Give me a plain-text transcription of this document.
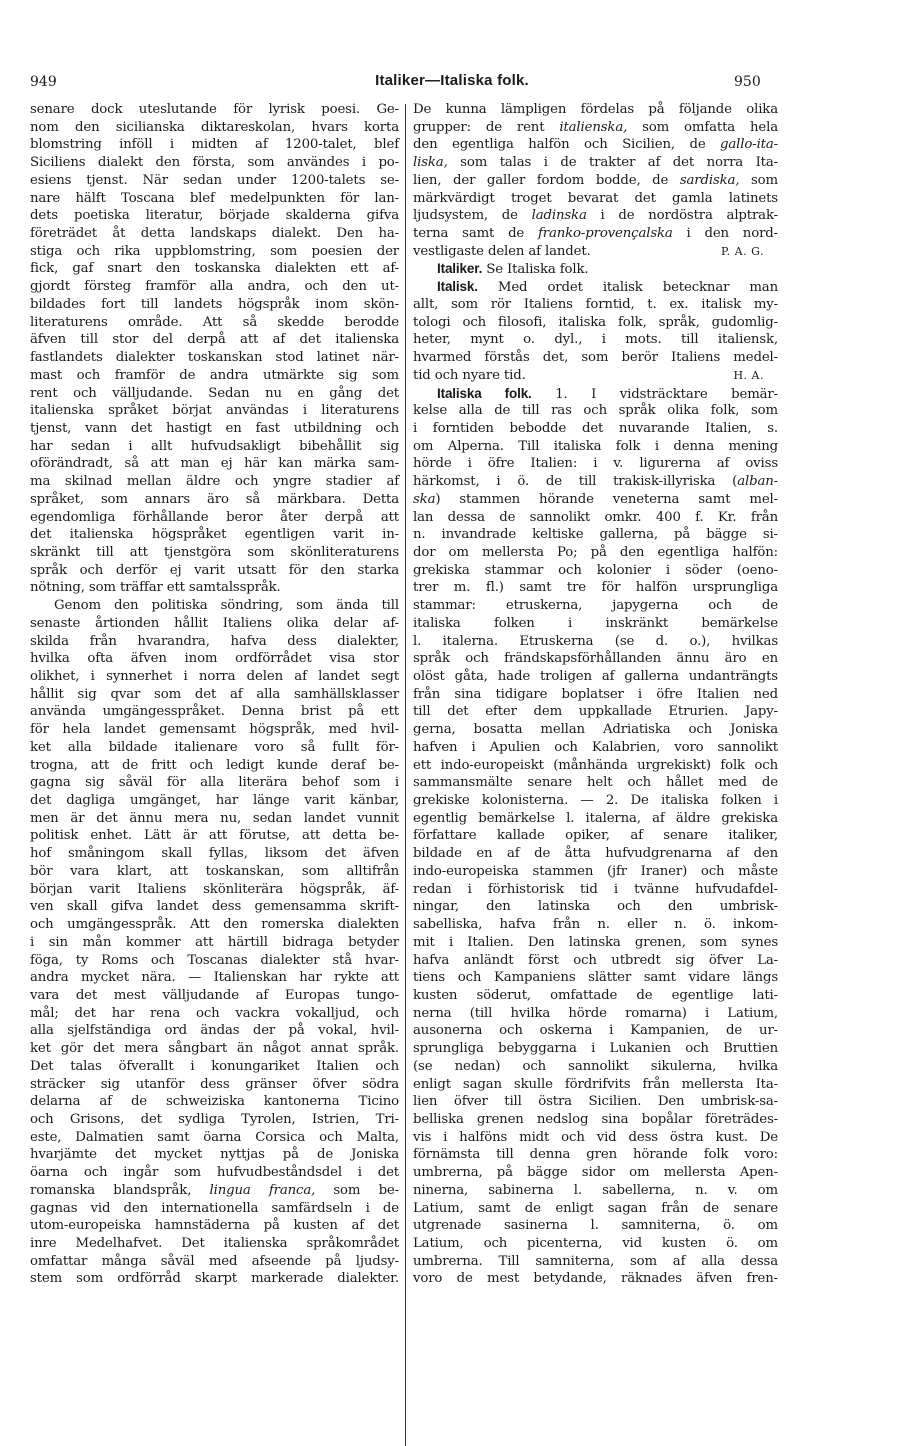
949	Italiker—Italiska folk.	950
senare dock uteslutande för lyrisk poesi. Ge-
nom den sicilianska diktareskolan, hvars korta
blomstring inföll i midten af 1200-talet, blef
Siciliens dialekt den första, som användes i po-
esiens tjenst. När sedan under 1200-talets se-
nare hälft Toscana blef medelpunkten för lan-
dets poetiska literatur, började skalderna gifva
företrädet åt detta landskaps dialekt. Den ha-
stiga och rika uppblomstring, som poesien der
fick, gaf snart den toskanska dialekten ett af-
gjordt försteg framför alla andra, och den ut-
bildades fort till landets högspråk inom skön-
literaturens område. Att så skedde berodde
äfven till stor del derpå att af det italienska
fastlandets dialekter toskanskan stod latinet när-
mast och framför de andra utmärkte sig som
rent och välljudande. Sedan nu en gång det
italienska språket börjat användas i literaturens
tjenst, vann det hastigt en fast utbildning och
har sedan i allt hufvudsakligt bibehållit sig
oförändradt, så att man ej här kan märka sam-
ma skilnad mellan äldre och yngre stadier af
språket, som annars äro så märkbara. Detta
egendomliga förhållande beror åter derpå att
det italienska högspråket egentligen varit in-
skränkt till att tjenstgöra som skönliteraturens
språk och derför ej varit utsatt för den starka
nötning, som träffar ett samtalsspråk.
Genom den politiska söndring, som ända till
senaste årtionden hållit Italiens olika delar af-
skilda från hvarandra, hafva dess dialekter,
hvilka ofta äfven inom ordförrådet visa stor
olikhet, i synnerhet i norra delen af landet segt
hållit sig qvar som det af alla samhällsklasser
använda umgängesspråket. Denna brist på ett
för hela landet gemensamt högspråk, med hvil-
ket alla bildade italienare voro så fullt för-
trogna, att de fritt och ledigt kunde deraf be-
gagna sig såväl för alla literära behof som i
det dagliga umgänget, har länge varit känbar,
men är det ännu mera nu, sedan landet vunnit
politisk enhet. Lätt är att förutse, att detta be-
hof småningom skall fyllas, liksom det äfven
bör vara klart, att toskanskan, som alltifrån
början varit Italiens skönliterära högspråk, äf-
ven skall gifva landet dess gemensamma skrift-
och umgängesspråk. Att den romerska dialekten
i sin mån kommer att härtill bidraga betyder
föga, ty Roms och Toscanas dialekter stå hvar-
andra mycket nära. — Italienskan har rykte att
vara det mest välljudande af Europas tungo-
mål; det har rena och vackra vokalljud, och
alla sjelfständiga ord ändas der på vokal, hvil-
ket gör det mera sångbart än något annat språk.
Det talas öfverallt i konungariket Italien och
sträcker sig utanför dess gränser öfver södra
delarna af de schweiziska kantonerna Ticino
och Grisons, det sydliga Tyrolen, Istrien, Tri-
este, Dalmatien samt öarna Corsica och Malta,
hvarjämte det mycket nyttjas på de Joniska
öarna och ingår som hufvudbeståndsdel i det
romanska blandspråk, lingua franca, som be-
gagnas vid den internationella samfärdseln i de
utom-europeiska hamnstäderna på kusten af det
inre Medelhafvet. Det italienska språkområdet
omfattar många såväl med afseende på ljudsy-
stem som ordförråd skarpt markerade dialekter.
De kunna lämpligen fördelas på följande olika
grupper: de rent italienska, som omfatta hela
den egentliga halfön och Sicilien, de gallo-ita-
liska, som talas i de trakter af det norra Ita-
lien, der galler fordom bodde, de sardiska, som
märkvärdigt troget bevarat det gamla latinets
ljudsystem, de ladinska i de nordöstra alptrak-
terna samt de franko-provençalska i den nord-
vestligaste delen af landet.	P. A. G.
Italiker. Se Italiska folk.
Italisk. Med ordet italisk betecknar man
allt, som rör Italiens forntid, t. ex. italisk my-
tologi och filosofi, italiska folk, språk, gudomlig-
heter, mynt o. dyl., i mots. till italiensk,
hvarmed förstås det, som berör Italiens medel-
tid och nyare tid.	H. A.
Italiska folk. 1. I vidsträcktare bemär-
kelse alla de till ras och språk olika folk, som
i forntiden bebodde det nuvarande Italien, s.
om Alperna. Till italiska folk i denna mening
hörde i öfre Italien: i v. ligurerna af oviss
härkomst, i ö. de till trakisk-illyriska (alban-
ska) stammen hörande veneterna samt mel-
lan dessa de sannolikt omkr. 400 f. Kr. från
n. invandrade keltiske gallerna, på bägge si-
dor om mellersta Po; på den egentliga halfön:
grekiska stammar och kolonier i söder (oeno-
trer m. fl.) samt tre för halfön ursprungliga
stammar: etruskerna, japygerna och de
italiska folken i inskränkt bemärkelse
l. italerna. Etruskerna (se d. o.), hvilkas
språk och frändskapsförhållanden ännu äro en
olöst gåta, hade troligen af gallerna undanträngts
från sina tidigare boplatser i öfre Italien ned
till det efter dem uppkallade Etrurien. Japy-
gerna, bosatta mellan Adriatiska och Joniska
hafven i Apulien och Kalabrien, voro sannolikt
ett indo-europeiskt (månhända urgrekiskt) folk och
sammansmälte senare helt och hållet med de
grekiske kolonisterna. — 2. De italiska folken i
egentlig bemärkelse l. italerna, af äldre grekiska
författare kallade opiker, af senare italiker,
bildade en af de åtta hufvudgrenarna af den
indo-europeiska stammen (jfr Iraner) och måste
redan i förhistorisk tid i tvänne hufvudafdel-
ningar, den latinska och den umbrisk-
sabelliska, hafva från n. eller n. ö. inkom-
mit i Italien. Den latinska grenen, som synes
hafva anländt först och utbredt sig öfver La-
tiens och Kampaniens slätter samt vidare längs
kusten söderut, omfattade de egentlige lati-
nerna (till hvilka hörde romarna) i Latium,
ausonerna och oskerna i Kampanien, de ur-
sprungliga bebyggarna i Lukanien och Bruttien
(se nedan) och sannolikt sikulerna, hvilka
enligt sagan skulle fördrifvits från mellersta Ita-
lien öfver till östra Sicilien. Den umbrisk-sa-
belliska grenen nedslog sina bopålar företrädes-
vis i halföns midt och vid dess östra kust. De
förnämsta till denna gren hörande folk voro:
umbrerna, på bägge sidor om mellersta Apen-
ninerna, sabinerna l. sabellerna, n. v. om
Latium, samt de enligt sagan från de senare
utgrenade sasinerna l. samniterna, ö. om
Latium, och picenterna, vid kusten ö. om
umbrerna. Till samniterna, som af alla dessa
voro de mest betydande, räknades äfven fren-
